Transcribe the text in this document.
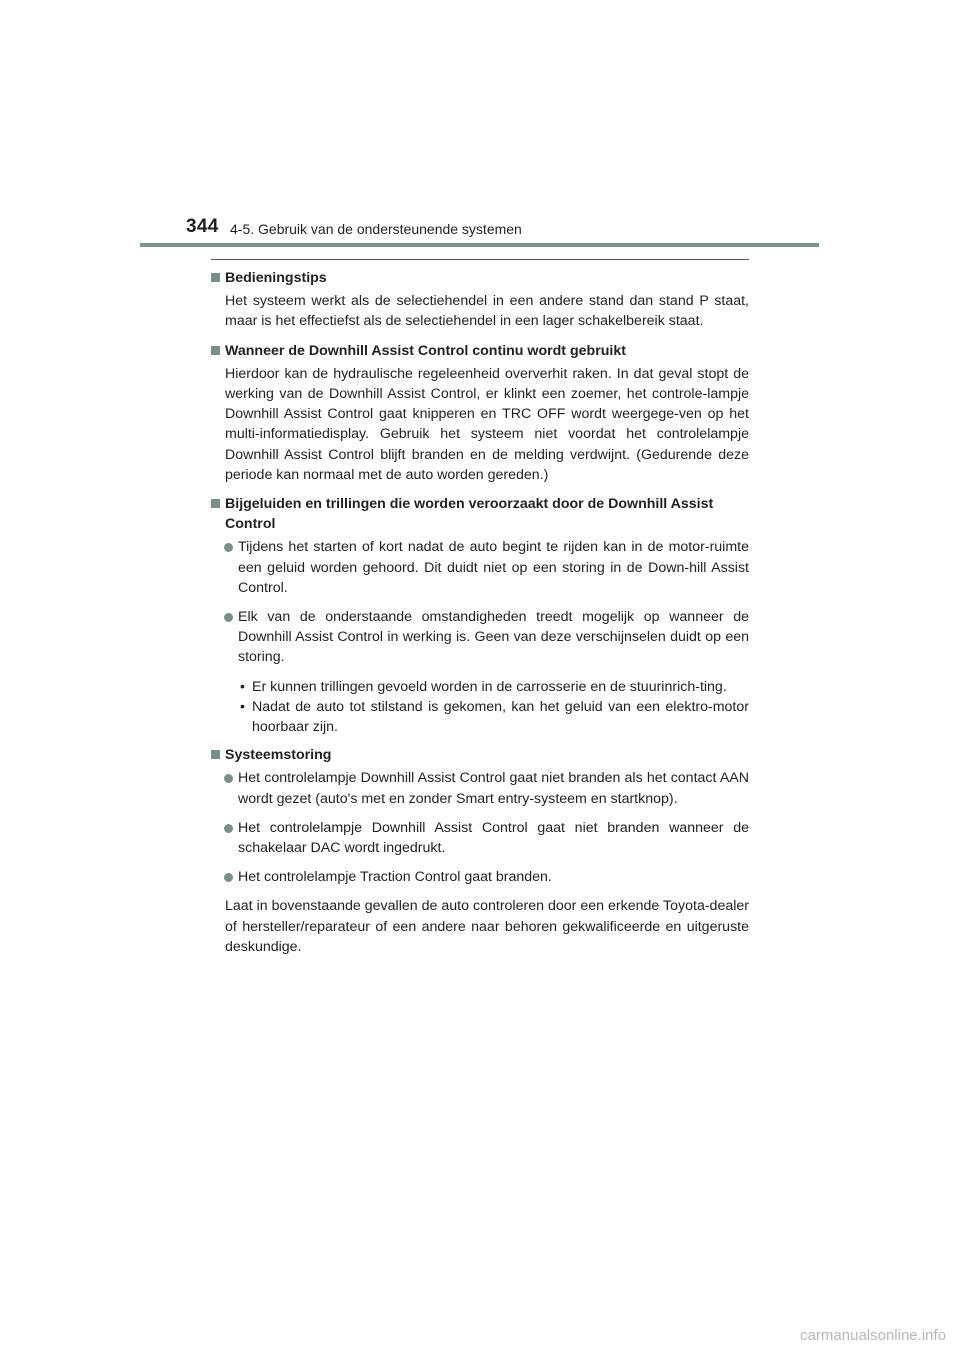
344 4-5. Gebruik van de ondersteunende systemen
Bedieningstips
Het systeem werkt als de selectiehendel in een andere stand dan stand P staat, maar is het effectiefst als de selectiehendel in een lager schakelbereik staat.
Wanneer de Downhill Assist Control continu wordt gebruikt
Hierdoor kan de hydraulische regeleenheid oververhit raken. In dat geval stopt de werking van de Downhill Assist Control, er klinkt een zoemer, het controle-lampje Downhill Assist Control gaat knipperen en TRC OFF wordt weergege-ven op het multi-informatiedisplay. Gebruik het systeem niet voordat het controlelampje Downhill Assist Control blijft branden en de melding verdwijnt. (Gedurende deze periode kan normaal met de auto worden gereden.)
Bijgeluiden en trillingen die worden veroorzaakt door de Downhill Assist Control
Tijdens het starten of kort nadat de auto begint te rijden kan in de motor-ruimte een geluid worden gehoord. Dit duidt niet op een storing in de Down-hill Assist Control.
Elk van de onderstaande omstandigheden treedt mogelijk op wanneer de Downhill Assist Control in werking is. Geen van deze verschijnselen duidt op een storing.
• Er kunnen trillingen gevoeld worden in de carrosserie en de stuurinrich-ting.
• Nadat de auto tot stilstand is gekomen, kan het geluid van een elektro-motor hoorbaar zijn.
Systeemstoring
Het controlelampje Downhill Assist Control gaat niet branden als het contact AAN wordt gezet (auto's met en zonder Smart entry-systeem en startknop).
Het controlelampje Downhill Assist Control gaat niet branden wanneer de schakelaar DAC wordt ingedrukt.
Het controlelampje Traction Control gaat branden.
Laat in bovenstaande gevallen de auto controleren door een erkende Toyota-dealer of hersteller/reparateur of een andere naar behoren gekwalificeerde en uitgeruste deskundige.
carmanualsonline.info
